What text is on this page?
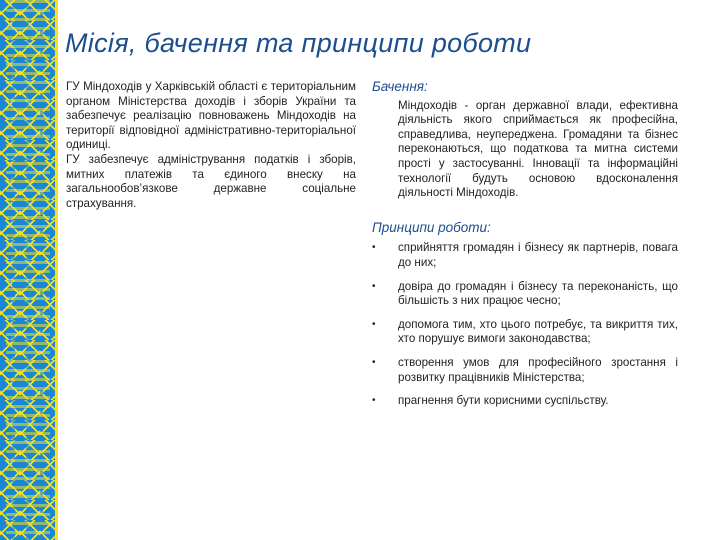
Місія, бачення та принципи роботи

ГУ Міндоходів у Харківській області є територіальним органом Міністерства доходів і зборів України та забезпечує реалізацію повноважень Міндоходів на території відповідної адміністративно-територіальної одиниці.

ГУ забезпечує адміністрування податків і зборів, митних платежів та єдиного внеску на загальнообов’язкове державне соціальне страхування.

Бачення:

Міндоходів - орган державної влади, ефективна діяльність якого сприймається як професійна, справедлива, неупереджена. Громадяни та бізнес переконаються, що податкова та митна системи прості у застосуванні. Інновації та інформаційні технології будуть основою вдосконалення діяльності Міндоходів.

Принципи роботи:

• сприйняття громадян і бізнесу як партнерів, повага до них;
• довіра до громадян і бізнесу та переконаність, що більшість з них працює чесно;
• допомога тим, хто цього потребує, та викриття тих, хто порушує вимоги законодавства;
• створення умов для професійного зростання і розвитку працівників Міністерства;
• прагнення бути корисними суспільству.
